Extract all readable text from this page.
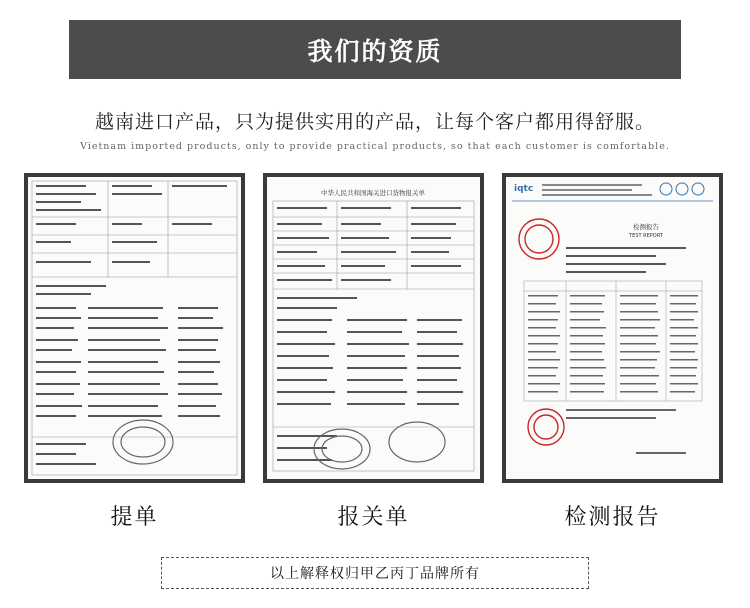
我们的资质
越南进口产品，只为提供实用的产品，让每个客户都用得舒服。
Vietnam imported products, only to provide practical products, so that each customer is comfortable.
提单
中华人民共和国海关进口货物报关单
报关单
iqtc
检测报告
TEST REPORT
检测报告
以上解释权归甲乙丙丁品牌所有
